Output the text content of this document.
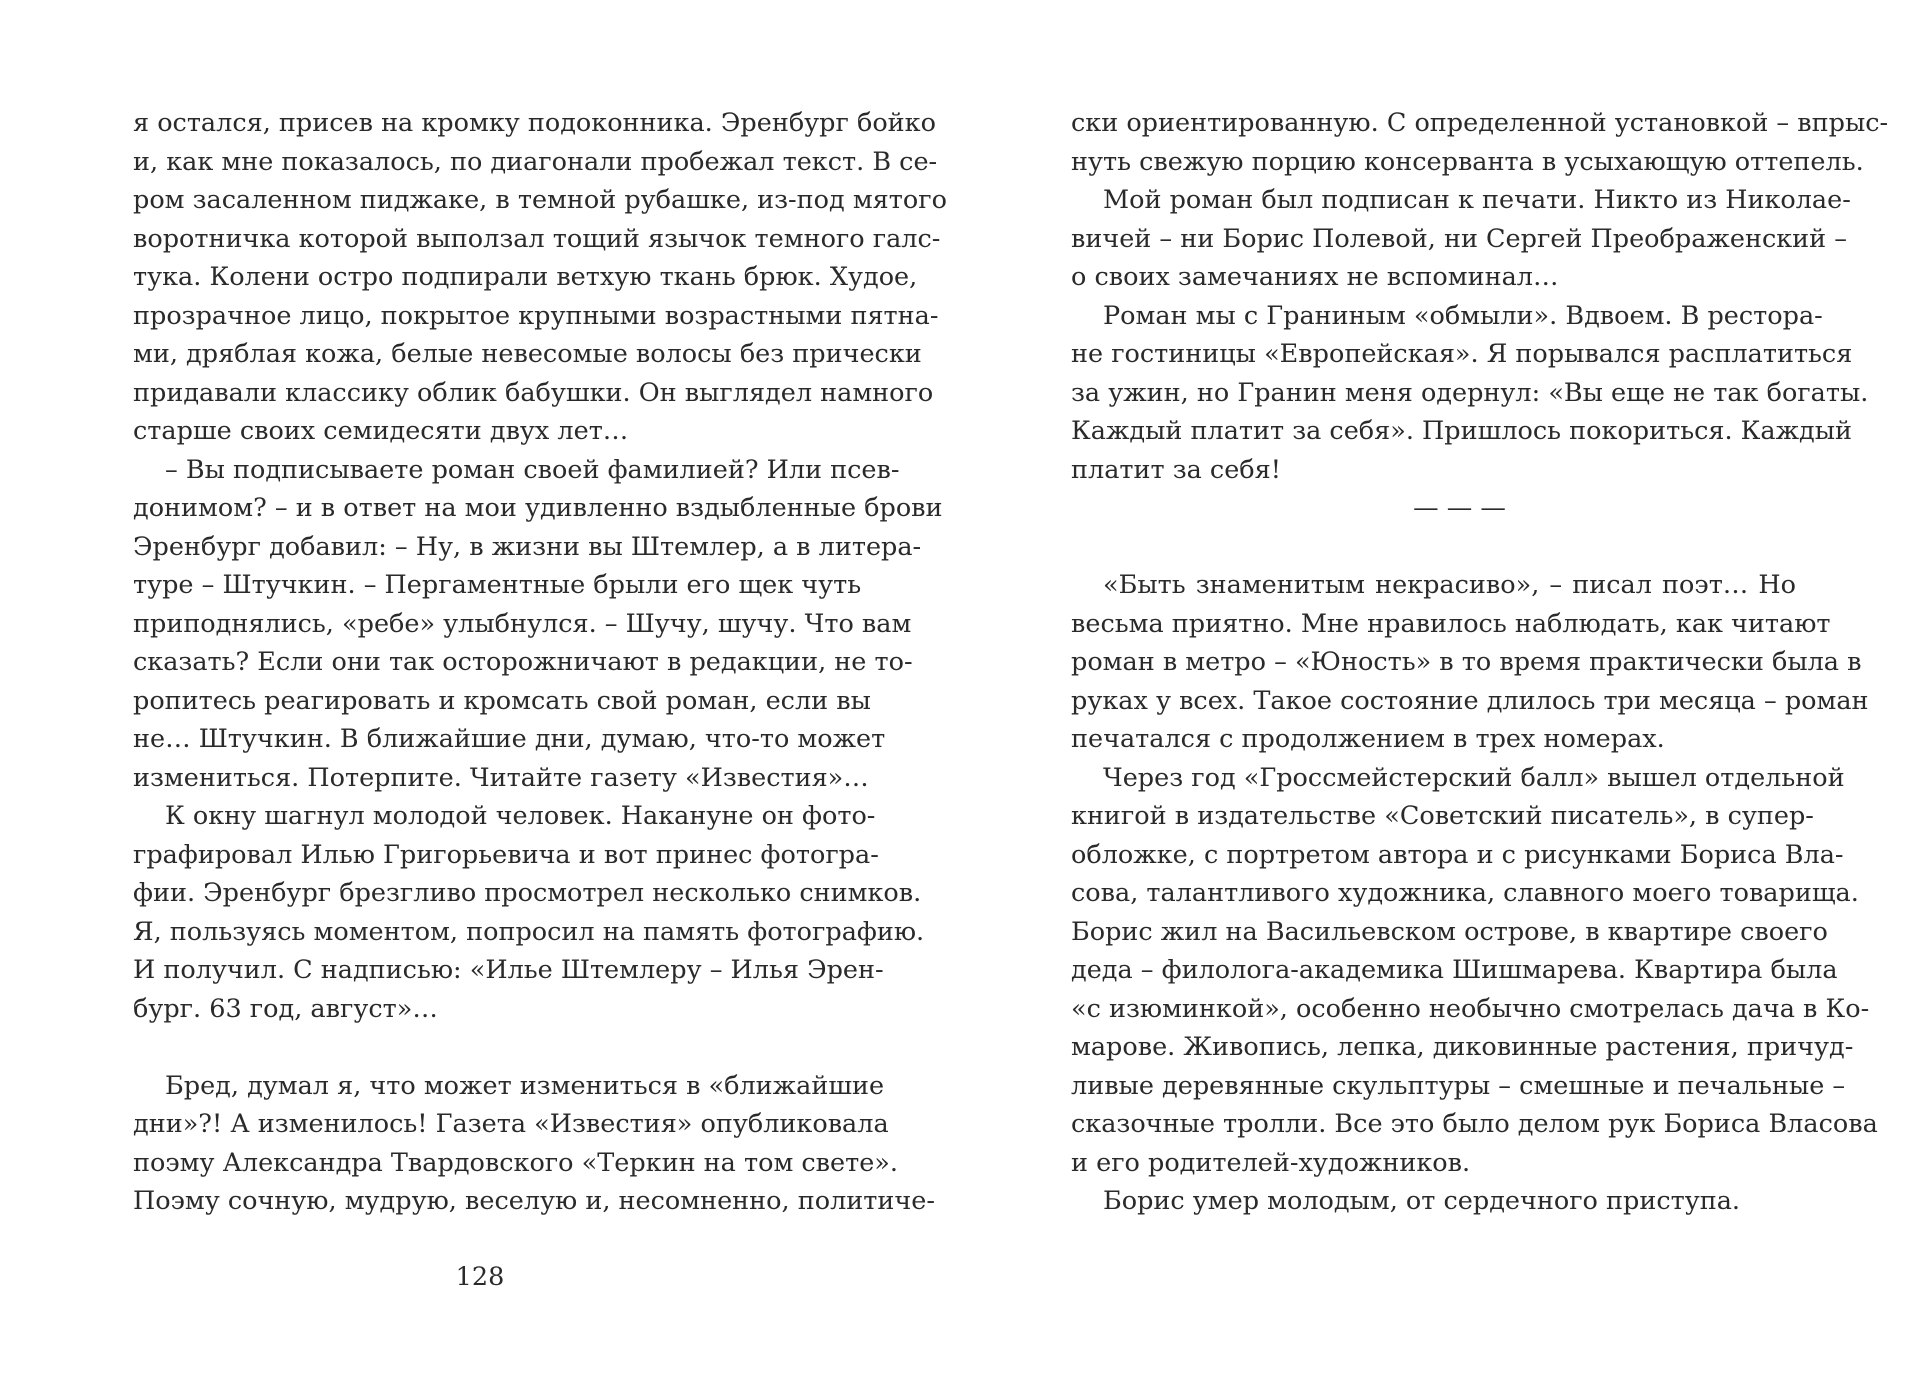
я остался, присев на кромку подоконника. Эренбург бойко
и, как мне показалось, по диагонали пробежал текст. В се-
ром засаленном пиджаке, в темной рубашке, из-под мятого
воротничка которой выползал тощий язычок темного галс-
тука. Колени остро подпирали ветхую ткань брюк. Худое,
прозрачное лицо, покрытое крупными возрастными пятна-
ми, дряблая кожа, белые невесомые волосы без прически
придавали классику облик бабушки. Он выглядел намного
старше своих семидесяти двух лет…
– Вы подписываете роман своей фамилией? Или псев-
донимом? – и в ответ на мои удивленно вздыбленные брови
Эренбург добавил: – Ну, в жизни вы Штемлер, а в литера-
туре – Штучкин. – Пергаментные брыли его щек чуть
приподнялись, «ребе» улыбнулся. – Шучу, шучу. Что вам
сказать? Если они так осторожничают в редакции, не то-
ропитесь реагировать и кромсать свой роман, если вы
не… Штучкин. В ближайшие дни, думаю, что-то может
измениться. Потерпите. Читайте газету «Известия»…
К окну шагнул молодой человек. Накануне он фото-
графировал Илью Григорьевича и вот принес фотогра-
фии. Эренбург брезгливо просмотрел несколько снимков.
Я, пользуясь моментом, попросил на память фотографию.
И получил. С надписью: «Илье Штемлеру – Илья Эрен-
бург. 63 год, август»…
Бред, думал я, что может измениться в «ближайшие
дни»?! А изменилось! Газета «Известия» опубликовала
поэму Александра Твардовского «Теркин на том свете».
Поэму сочную, мудрую, веселую и, несомненно, политиче-
128
ски ориентированную. С определенной установкой – впрыс-
нуть свежую порцию консерванта в усыхающую оттепель.
Мой роман был подписан к печати. Никто из Николае-
вичей – ни Борис Полевой, ни Сергей Преображенский –
о своих замечаниях не вспоминал…
Роман мы с Граниным «обмыли». Вдвоем. В рестора-
не гостиницы «Европейская». Я порывался расплатиться
за ужин, но Гранин меня одернул: «Вы еще не так богаты.
Каждый платит за себя». Пришлось покориться. Каждый
платит за себя!
— — —
«Быть знаменитым некрасиво», – писал поэт… Но
весьма приятно. Мне нравилось наблюдать, как читают
роман в метро – «Юность» в то время практически была в
руках у всех. Такое состояние длилось три месяца – роман
печатался с продолжением в трех номерах.
Через год «Гроссмейстерский балл» вышел отдельной
книгой в издательстве «Советский писатель», в супер-
обложке, с портретом автора и с рисунками Бориса Вла-
сова, талантливого художника, славного моего товарища.
Борис жил на Васильевском острове, в квартире своего
деда – филолога-академика Шишмарева. Квартира была
«с изюминкой», особенно необычно смотрелась дача в Ко-
марове. Живопись, лепка, диковинные растения, причуд-
ливые деревянные скульптуры – смешные и печальные –
сказочные тролли. Все это было делом рук Бориса Власова
и его родителей-художников.
Борис умер молодым, от сердечного приступа.
